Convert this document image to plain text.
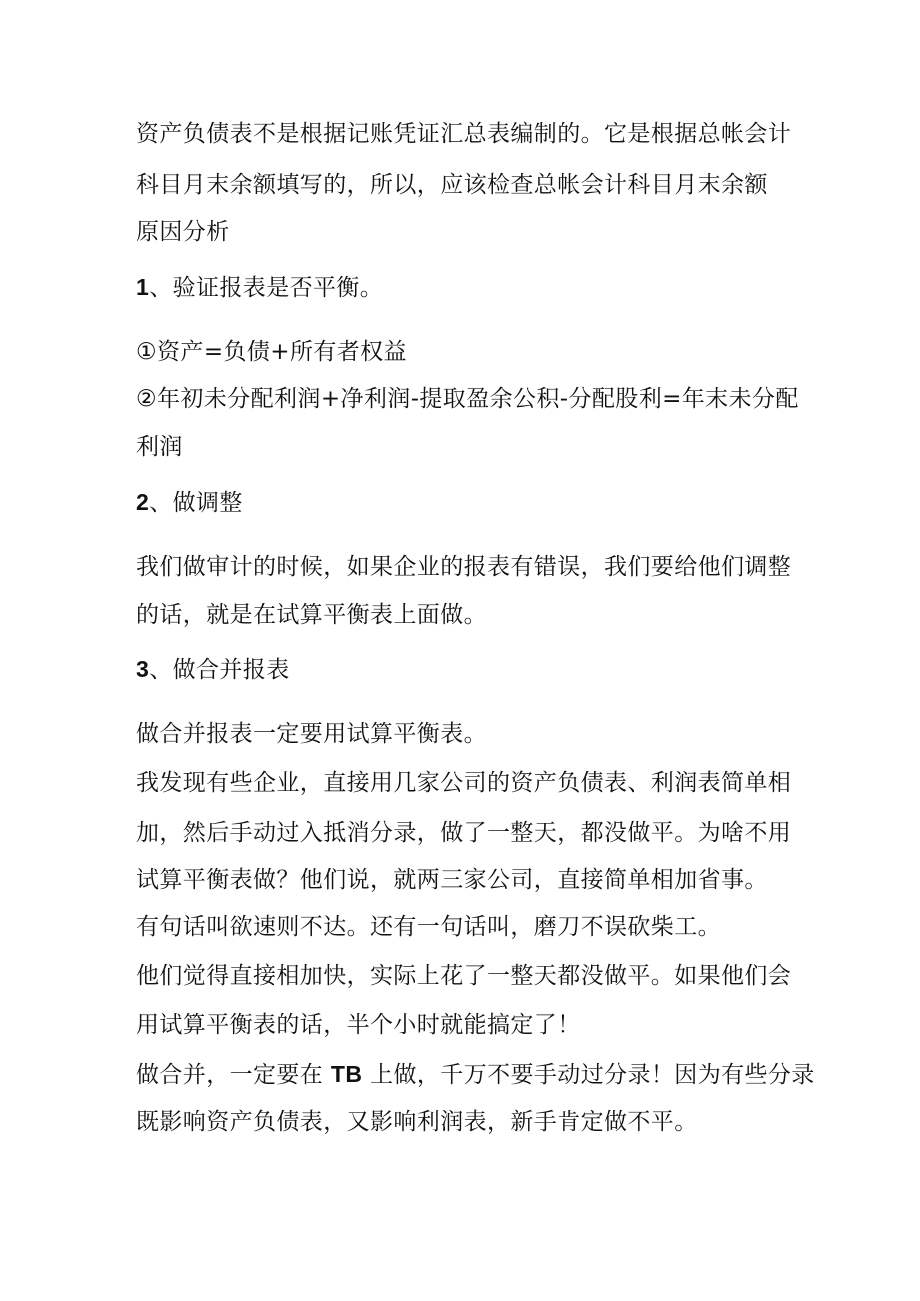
资产负债表不是根据记账凭证汇总表编制的。它是根据总帐会计

科目月末余额填写的，所以，应该检查总帐会计科目月末余额

原因分析

1、验证报表是否平衡。

①资产=负债+所有者权益

②年初未分配利润+净利润-提取盈余公积-分配股利=年末未分配

利润

2、做调整

我们做审计的时候，如果企业的报表有错误，我们要给他们调整

的话，就是在试算平衡表上面做。

3、做合并报表

做合并报表一定要用试算平衡表。

我发现有些企业，直接用几家公司的资产负债表、利润表简单相

加，然后手动过入抵消分录，做了一整天，都没做平。为啥不用

试算平衡表做？他们说，就两三家公司，直接简单相加省事。

有句话叫欲速则不达。还有一句话叫，磨刀不误砍柴工。

他们觉得直接相加快，实际上花了一整天都没做平。如果他们会

用试算平衡表的话，半个小时就能搞定了！

做合并，一定要在 TB 上做，千万不要手动过分录！因为有些分录

既影响资产负债表，又影响利润表，新手肯定做不平。
